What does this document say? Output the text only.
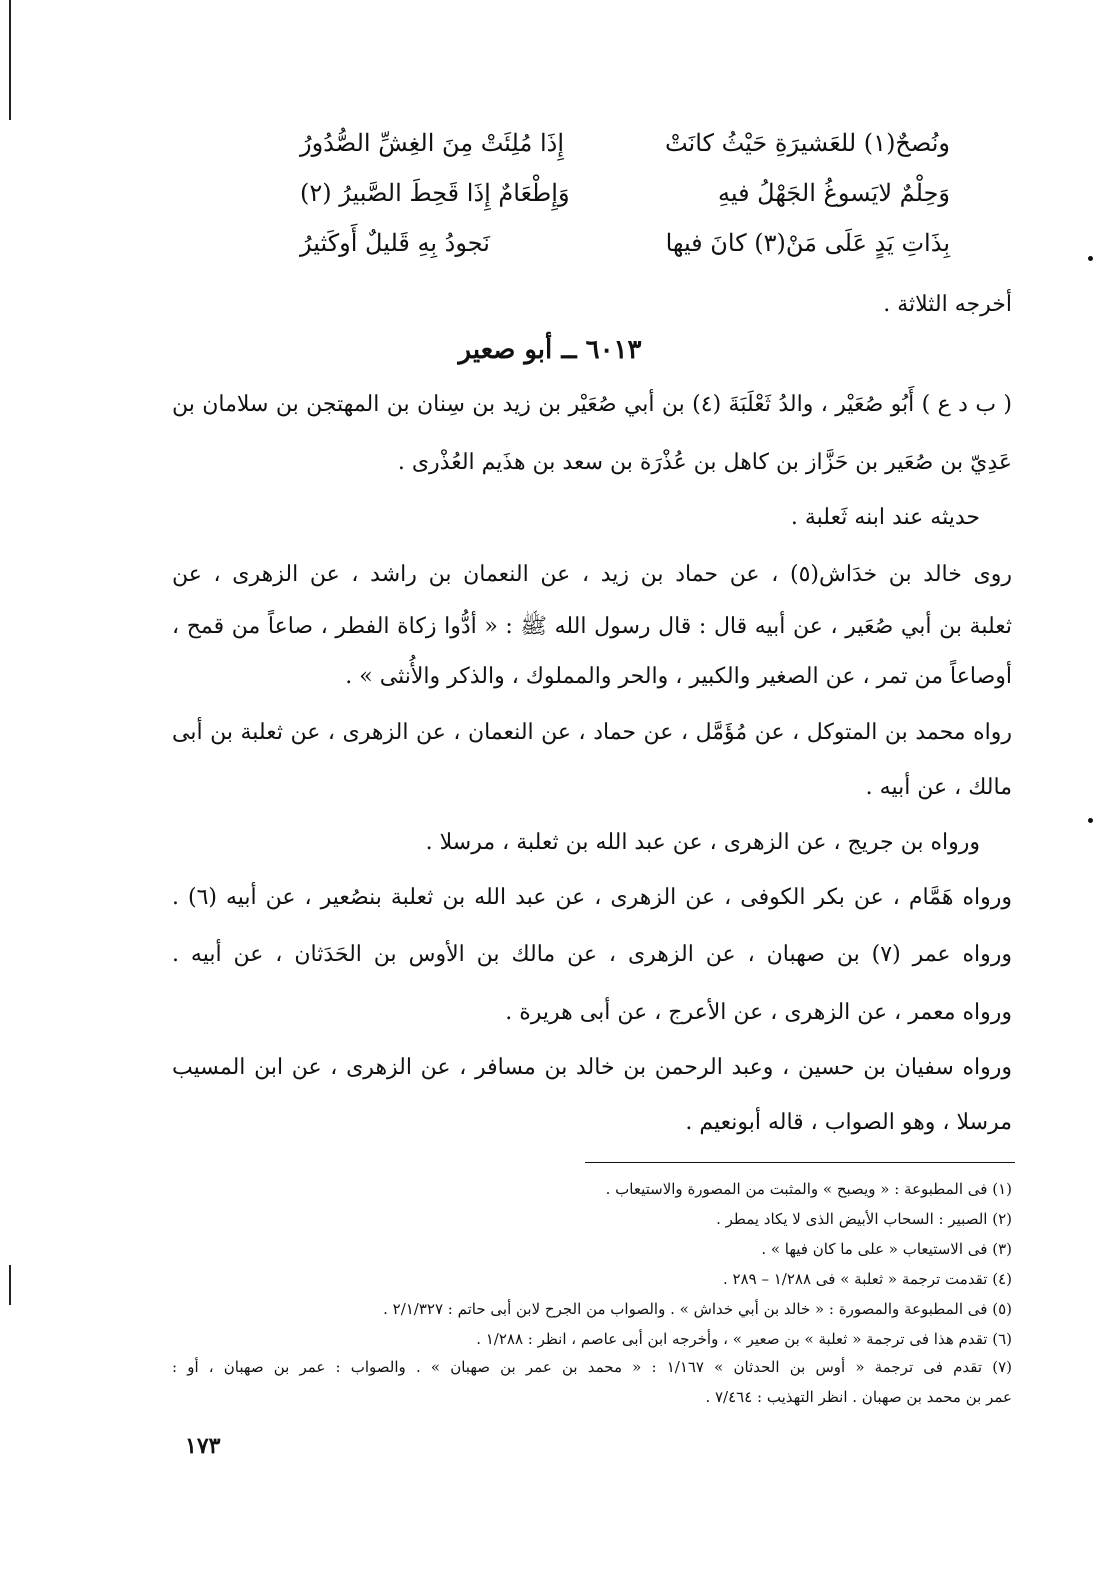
ونُصحٌ(١) للعَشيرَةِ حَيْثُ كانَتْ
إِذَا مُلِئَتْ مِنَ الغِشِّ الصُّدُورُ
وَحِلْمٌ لايَسوغُ الجَهْلُ فيهِ
وَإِطْعَامٌ إِذَا قَحِطَ الصَّبيرُ (٢)
بِذَاتِ يَدٍ عَلَى مَنْ(٣) كانَ فيها
نَجودُ بِهِ قَليلٌ أَوكَثيرُ
أخرجه الثلاثة .
٦٠١٣ ــ أبو صعير
( ب د ع ) أَبُو صُعَيْر ، والدُ ثَعْلَبَةَ (٤) بن أبي صُعَيْر بن زيد بن سِنان بن المهتجن بن سلامان بن
عَدِيّ بن صُعَير بن حَزَّاز بن كاهل بن عُذْرَة بن سعد بن هذَيم العُذْرى .
حديثه عند ابنه ثَعلبة .
روى خالد بن خدَاش(٥) ، عن حماد بن زيد ، عن النعمان بن راشد ، عن الزهرى ، عن
ثعلبة بن أبي صُعَير ، عن أبيه قال : قال رسول الله ﷺ : « أدُّوا زكاة الفطر ، صاعاً من قمح ،
أوصاعاً من تمر ، عن الصغير والكبير ، والحر والمملوك ، والذكر والأُنثى » .
رواه محمد بن المتوكل ، عن مُؤَمَّل ، عن حماد ، عن النعمان ، عن الزهرى ، عن ثعلبة بن أبى
مالك ، عن أبيه .
ورواه بن جريج ، عن الزهرى ، عن عبد الله بن ثعلبة ، مرسلا .
ورواه هَمَّام ، عن بكر الكوفى ، عن الزهرى ، عن عبد الله بن ثعلبة بنصُعير ، عن أبيه (٦) .
ورواه عمر (٧) بن صهبان ، عن الزهرى ، عن مالك بن الأوس بن الحَدَثان ، عن أبيه .
ورواه معمر ، عن الزهرى ، عن الأعرج ، عن أبى هريرة .
ورواه سفيان بن حسين ، وعبد الرحمن بن خالد بن مسافر ، عن الزهرى ، عن ابن المسيب
مرسلا ، وهو الصواب ، قاله أبونعيم .
(١) فى المطبوعة : « ويصبح » والمثبت من المصورة والاستيعاب .
(٢) الصبير : السحاب الأبيض الذى لا يكاد يمطر .
(٣) فى الاستيعاب « على ما كان فيها » .
(٤) تقدمت ترجمة « ثعلبة » فى ١/٢٨٨ – ٢٨٩ .
(٥) فى المطبوعة والمصورة : « خالد بن أبي خداش » . والصواب من الجرح لابن أبى حاتم : ٢/١/٣٢٧ .
(٦) تقدم هذا فى ترجمة « ثعلبة » بن صعير » ، وأخرجه ابن أبى عاصم ، انظر : ١/٢٨٨ .
(٧) تقدم فى ترجمة « أوس بن الحدثان » ١/١٦٧ : « محمد بن عمر بن صهبان » . والصواب : عمر بن صهبان ، أو :
عمر بن محمد بن صهبان . انظر التهذيب : ٧/٤٦٤ .
١٧٣
